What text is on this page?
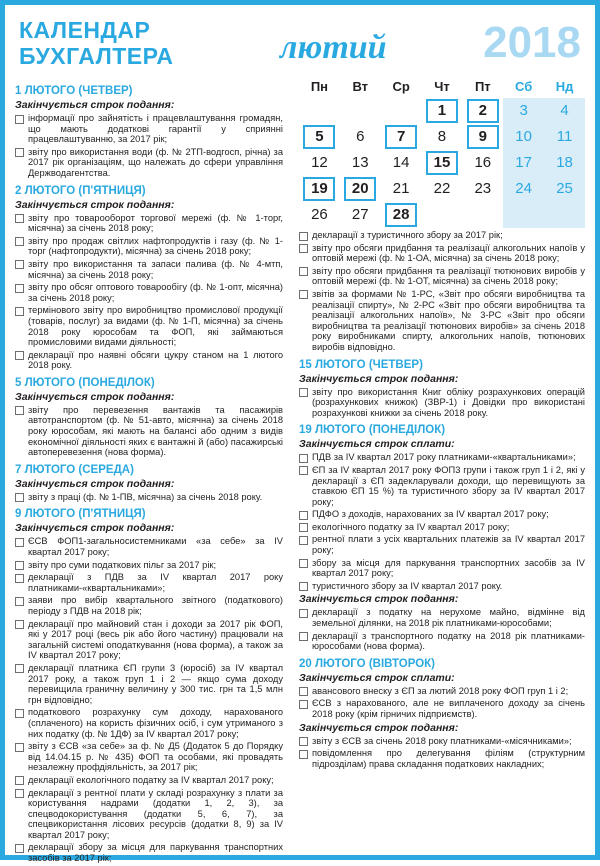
КАЛЕНДАР
БУХГАЛТЕРА	лютий 2018
1 ЛЮТОГО (ЧЕТВЕР)
Закінчується строк подання:
інформації про зайнятість і працевлаштування громадян, що мають додаткові гарантії у сприянні працевлаштуванню, за 2017 рік;
звіту про використання води (ф. № 2ТП-водгосп, річна) за 2017 рік організаціям, що належать до сфери управління Держводагентства.
2 ЛЮТОГО (П'ЯТНИЦЯ)
Закінчується строк подання:
звіту про товарооборот торгової мережі (ф. № 1-торг, місячна) за січень 2018 року;
звіту про продаж світлих нафтопродуктів і газу (ф. № 1-торг (нафтопродукти), місячна) за січень 2018 року;
звіту про використання та запаси палива (ф. № 4-мтп, місячна) за січень 2018 року;
звіту про обсяг оптового товарообігу (ф. № 1-опт, місячна) за січень 2018 року;
термінового звіту про виробництво промислової продукції (товарів, послуг) за видами (ф. № 1-П, місячна) за січень 2018 року юрособам та ФОП, які займаються промисловими видами діяльності;
декларації про наявні обсяги цукру станом на 1 лютого 2018 року.
5 ЛЮТОГО (ПОНЕДІЛОК)
Закінчується строк подання:
звіту про перевезення вантажів та пасажирів автотранспортом (ф. № 51-авто, місячна) за січень 2018 року юрособам, які мають на балансі або одним з видів економічної діяльності яких є вантажні й (або) пасажирські автоперевезення (нова форма).
7 ЛЮТОГО (СЕРЕДА)
Закінчується строк подання:
звіту з праці (ф. № 1-ПВ, місячна) за січень 2018 року.
9 ЛЮТОГО (П'ЯТНИЦЯ)
Закінчується строк подання:
ЄСВ ФОП1-загальносистемниками «за себе» за IV квартал 2017 року;
звіту про суми податкових пільг за 2017 рік;
декларації з ПДВ за IV квартал 2017 року платниками-«квартальниками»;
заяви про вибір квартального звітного (податкового) періоду з ПДВ на 2018 рік;
декларації про майновий стан і доходи за 2017 рік ФОП, які у 2017 році (весь рік або його частину) працювали на загальній системі оподаткування (нова форма), а також за IV квартал 2017 року;
декларації платника ЄП групи 3 (юросіб) за IV квартал 2017 року, а також груп 1 і 2 — якщо сума доходу перевищила граничну величину у 300 тис. грн та 1,5 млн грн відповідно;
податкового розрахунку сум доходу, нарахованого (сплаченого) на користь фізичних осіб, і сум утриманого з них податку (ф. № 1ДФ) за IV квартал 2017 року;
звіту з ЄСВ «за себе» за ф. № Д5 (Додаток 5 до Порядку від 14.04.15 р. № 435) ФОП та особами, які провадять незалежну профдіяльність, за 2017 рік;
декларації екологічного податку за IV квартал 2017 року;
декларації з рентної плати у складі розрахунку з плати за користування надрами (додатки 1, 2, 3), за спецводокористування (додатки 5, 6, 7), за спецвикористання лісових ресурсів (додатки 8, 9) за IV квартал 2017 року;
декларації збору за місця для паркування транспортних засобів за 2017 рік;
Пн	Вт	Ср	Чт	Пт	Сб	Нд
			1	2	3	4
5	6	7	8	9	10	11
12	13	14	15	16	17	18
19	20	21	22	23	24	25
26	27	28				
декларації з туристичного збору за 2017 рік;
звіту про обсяги придбання та реалізації алкогольних напоїв у оптовій мережі (ф. № 1-ОА, місячна) за січень 2018 року;
звіту про обсяги придбання та реалізації тютюнових виробів у оптовій мережі (ф. № 1-ОТ, місячна) за січень 2018 року;
звітів за формами № 1-РС, «Звіт про обсяги виробництва та реалізації спирту», № 2-РС «Звіт про обсяги виробництва та реалізації алкогольних напоїв», № 3-РС «Звіт про обсяги виробництва та реалізації тютюнових виробів» за січень 2018 року виробниками спирту, алкогольних напоїв, тютюнових виробів відповідно.
15 ЛЮТОГО (ЧЕТВЕР)
Закінчується строк подання:
звіту про використання Книг обліку розрахункових операцій (розрахункових книжок) (ЗВР-1) і Довідки про використані розрахункові книжки за січень 2018 року.
19 ЛЮТОГО (ПОНЕДІЛОК)
Закінчується строк сплати:
ПДВ за IV квартал 2017 року платниками-«квартальниками»;
ЄП за IV квартал 2017 року ФОП3 групи і також груп 1 і 2, які у декларації з ЄП задекларували доходи, що перевищують за ставкою ЄП 15 %) та туристичного збору за IV квартал 2017 року;
ПДФО з доходів, нарахованих за IV квартал 2017 року;
екологічного податку за IV квартал 2017 року;
рентної плати з усіх квартальних платежів за IV квартал 2017 року;
збору за місця для паркування транспортних засобів за IV квартал 2017 року;
туристичного збору за IV квартал 2017 року.
Закінчується строк подання:
декларації з податку на нерухоме майно, відмінне від земельної ділянки, на 2018 рік платниками-юрособами;
декларації з транспортного податку на 2018 рік платниками-юрособами (нова форма).
20 ЛЮТОГО (ВІВТОРОК)
Закінчується строк сплати:
авансового внеску з ЄП за лютий 2018 року ФОП груп 1 і 2;
ЄСВ з нарахованого, але не виплаченого доходу за січень 2018 року (крім гірничих підприємств).
Закінчується строк подання:
звіту з ЄСВ за січень 2018 року платниками-«місячниками»;
повідомлення про делегування філіям (структурним підрозділам) права складання податкових накладних;
